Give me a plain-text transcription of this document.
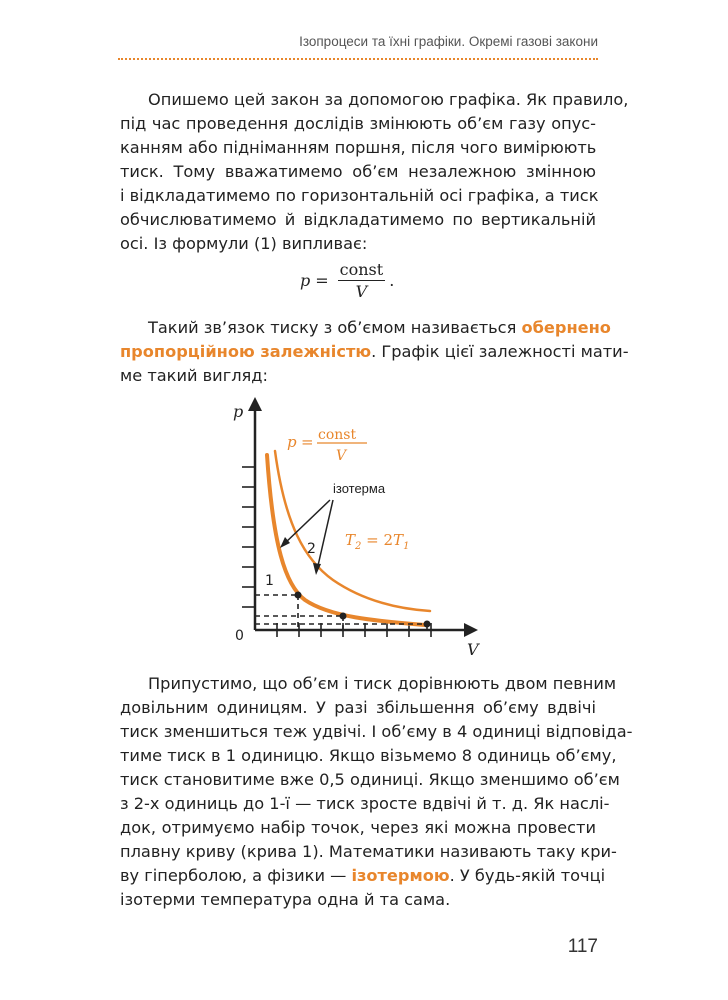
Ізопроцеси та їхні графіки. Окремі газові закони
Опишемо цей закон за допомогою графіка. Як правило,
під час проведення дослідів змінюють об’єм газу опус-
канням або підніманням поршня, після чого вимірюють
тиск. Тому вважатимемо об’єм незалежною змінною
і відкладатимемо по горизонтальній осі графіка, а тиск
обчислюватимемо й відкладатимемо по вертикальній
осі. Із формули (1) випливає:
$p = \frac{\text{const}}{V}$ .
Такий зв’язок тиску з об’ємом називається обернено
пропорційною залежністю. Графік цієї залежності мати-
ме такий вигляд:
p
V
0
p = const
V
ізотерма
2
1
$T_2 = 2T_1$
Припустимо, що об’єм і тиск дорівнюють двом певним
довільним одиницям. У разі збільшення об’єму вдвічі
тиск зменшиться теж удвічі. І об’єму в 4 одиниці відповіда-
тиме тиск в 1 одиницю. Якщо візьмемо 8 одиниць об’єму,
тиск становитиме вже 0,5 одиниці. Якщо зменшимо об’єм
з 2-х одиниць до 1-ї — тиск зросте вдвічі й т. д. Як наслі-
док, отримуємо набір точок, через які можна провести
плавну криву (крива 1). Математики називають таку кри-
ву гіперболою, а фізики — ізотермою. У будь-якій точці
ізотерми температура одна й та сама.
117
